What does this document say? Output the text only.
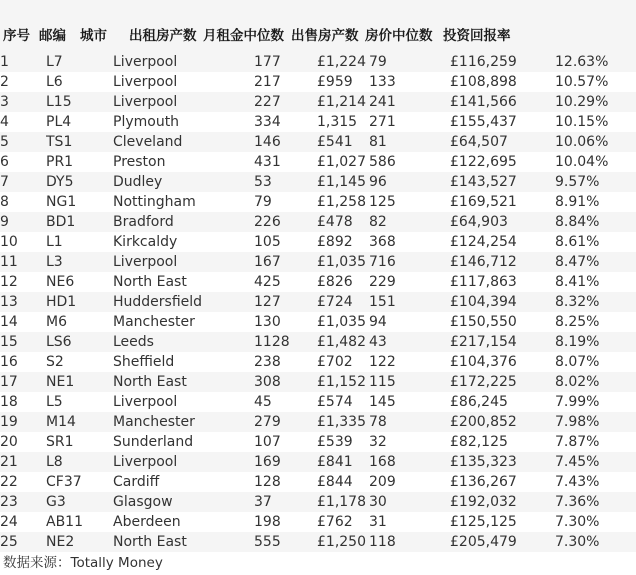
序号	邮编	城市	出租房产数	月租金中位数	出售房产数	房价中位数	投资回报率

1	L7	Liverpool	177	£1,224	79	£116,259	12.63%
2	L6	Liverpool	217	£959	133	£108,898	10.57%
3	L15	Liverpool	227	£1,214	241	£141,566	10.29%
4	PL4	Plymouth	334	1,315	271	£155,437	10.15%
5	TS1	Cleveland	146	£541	81	£64,507	10.06%
6	PR1	Preston	431	£1,027	586	£122,695	10.04%
7	DY5	Dudley	53	£1,145	96	£143,527	9.57%
8	NG1	Nottingham	79	£1,258	125	£169,521	8.91%
9	BD1	Bradford	226	£478	82	£64,903	8.84%
10	L1	Kirkcaldy	105	£892	368	£124,254	8.61%
11	L3	Liverpool	167	£1,035	716	£146,712	8.47%
12	NE6	North East	425	£826	229	£117,863	8.41%
13	HD1	Huddersfield	127	£724	151	£104,394	8.32%
14	M6	Manchester	130	£1,035	94	£150,550	8.25%
15	LS6	Leeds	1128	£1,482	43	£217,154	8.19%
16	S2	Sheffield	238	£702	122	£104,376	8.07%
17	NE1	North East	308	£1,152	115	£172,225	8.02%
18	L5	Liverpool	45	£574	145	£86,245	7.99%
19	M14	Manchester	279	£1,335	78	£200,852	7.98%
20	SR1	Sunderland	107	£539	32	£82,125	7.87%
21	L8	Liverpool	169	£841	168	£135,323	7.45%
22	CF37	Cardiff	128	£844	209	£136,267	7.43%
23	G3	Glasgow	37	£1,178	30	£192,032	7.36%
24	AB11	Aberdeen	198	£762	31	£125,125	7.30%
25	NE2	North East	555	£1,250	118	£205,479	7.30%
数据来源：Totally Money
